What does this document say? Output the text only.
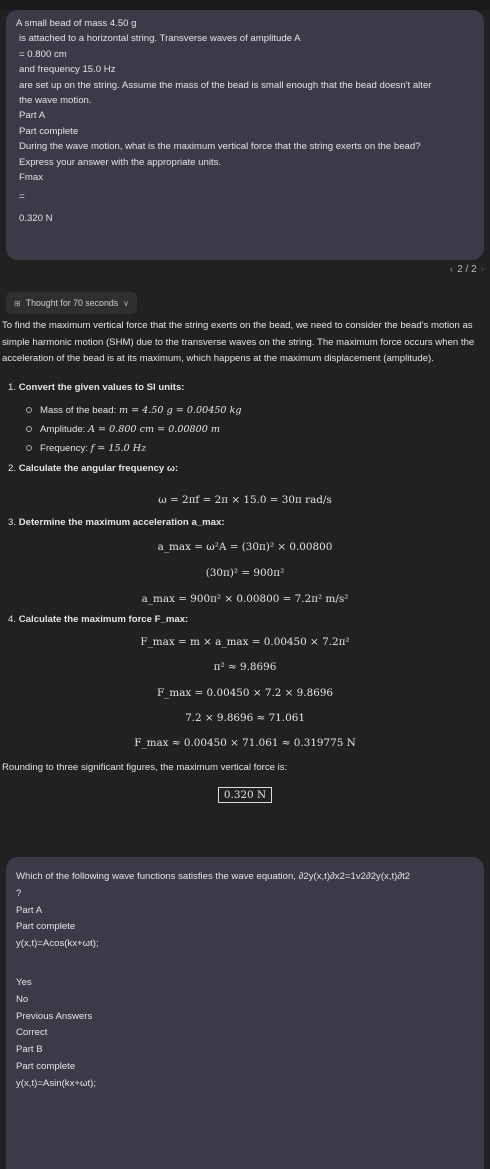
A small bead of mass 4.50 g
is attached to a horizontal string. Transverse waves of amplitude A
= 0.800 cm
and frequency 15.0 Hz
are set up on the string. Assume the mass of the bead is small enough that the bead doesn't alter
the wave motion.
Part A
Part complete
During the wave motion, what is the maximum vertical force that the string exerts on the bead?
Express your answer with the appropriate units.
Fmax
=
0.320 N
‹ 2 / 2 ›
⊞ Thought for 70 seconds ∨

To find the maximum vertical force that the string exerts on the bead, we need to consider the bead's motion as simple harmonic motion (SHM) due to the transverse waves on the string. The maximum force occurs when the acceleration of the bead is at its maximum, which happens at the maximum displacement (amplitude).

1. Convert the given values to SI units:
Mass of the bead: m = 4.50 g = 0.00450 kg
Amplitude: A = 0.800 cm = 0.00800 m
Frequency: f = 15.0 Hz
2. Calculate the angular frequency ω:
ω = 2πf = 2π × 15.0 = 30π rad/s
3. Determine the maximum acceleration a_max:
a_max = ω²A = (30π)² × 0.00800
(30π)² = 900π²
a_max = 900π² × 0.00800 = 7.2π² m/s²
4. Calculate the maximum force F_max:
F_max = m × a_max = 0.00450 × 7.2π²
π² ≈ 9.8696
F_max = 0.00450 × 7.2 × 9.8696
7.2 × 9.8696 ≈ 71.061
F_max ≈ 0.00450 × 71.061 ≈ 0.319775 N
Rounding to three significant figures, the maximum vertical force is:
0.320 N
Which of the following wave functions satisfies the wave equation, ∂2y(x,t)∂x2=1v2∂2y(x,t)∂t2
?
Part A
Part complete
y(x,t)=Acos(kx+ωt);
Yes
No
Previous Answers
Correct
Part B
Part complete
y(x,t)=Asin(kx+ωt);
